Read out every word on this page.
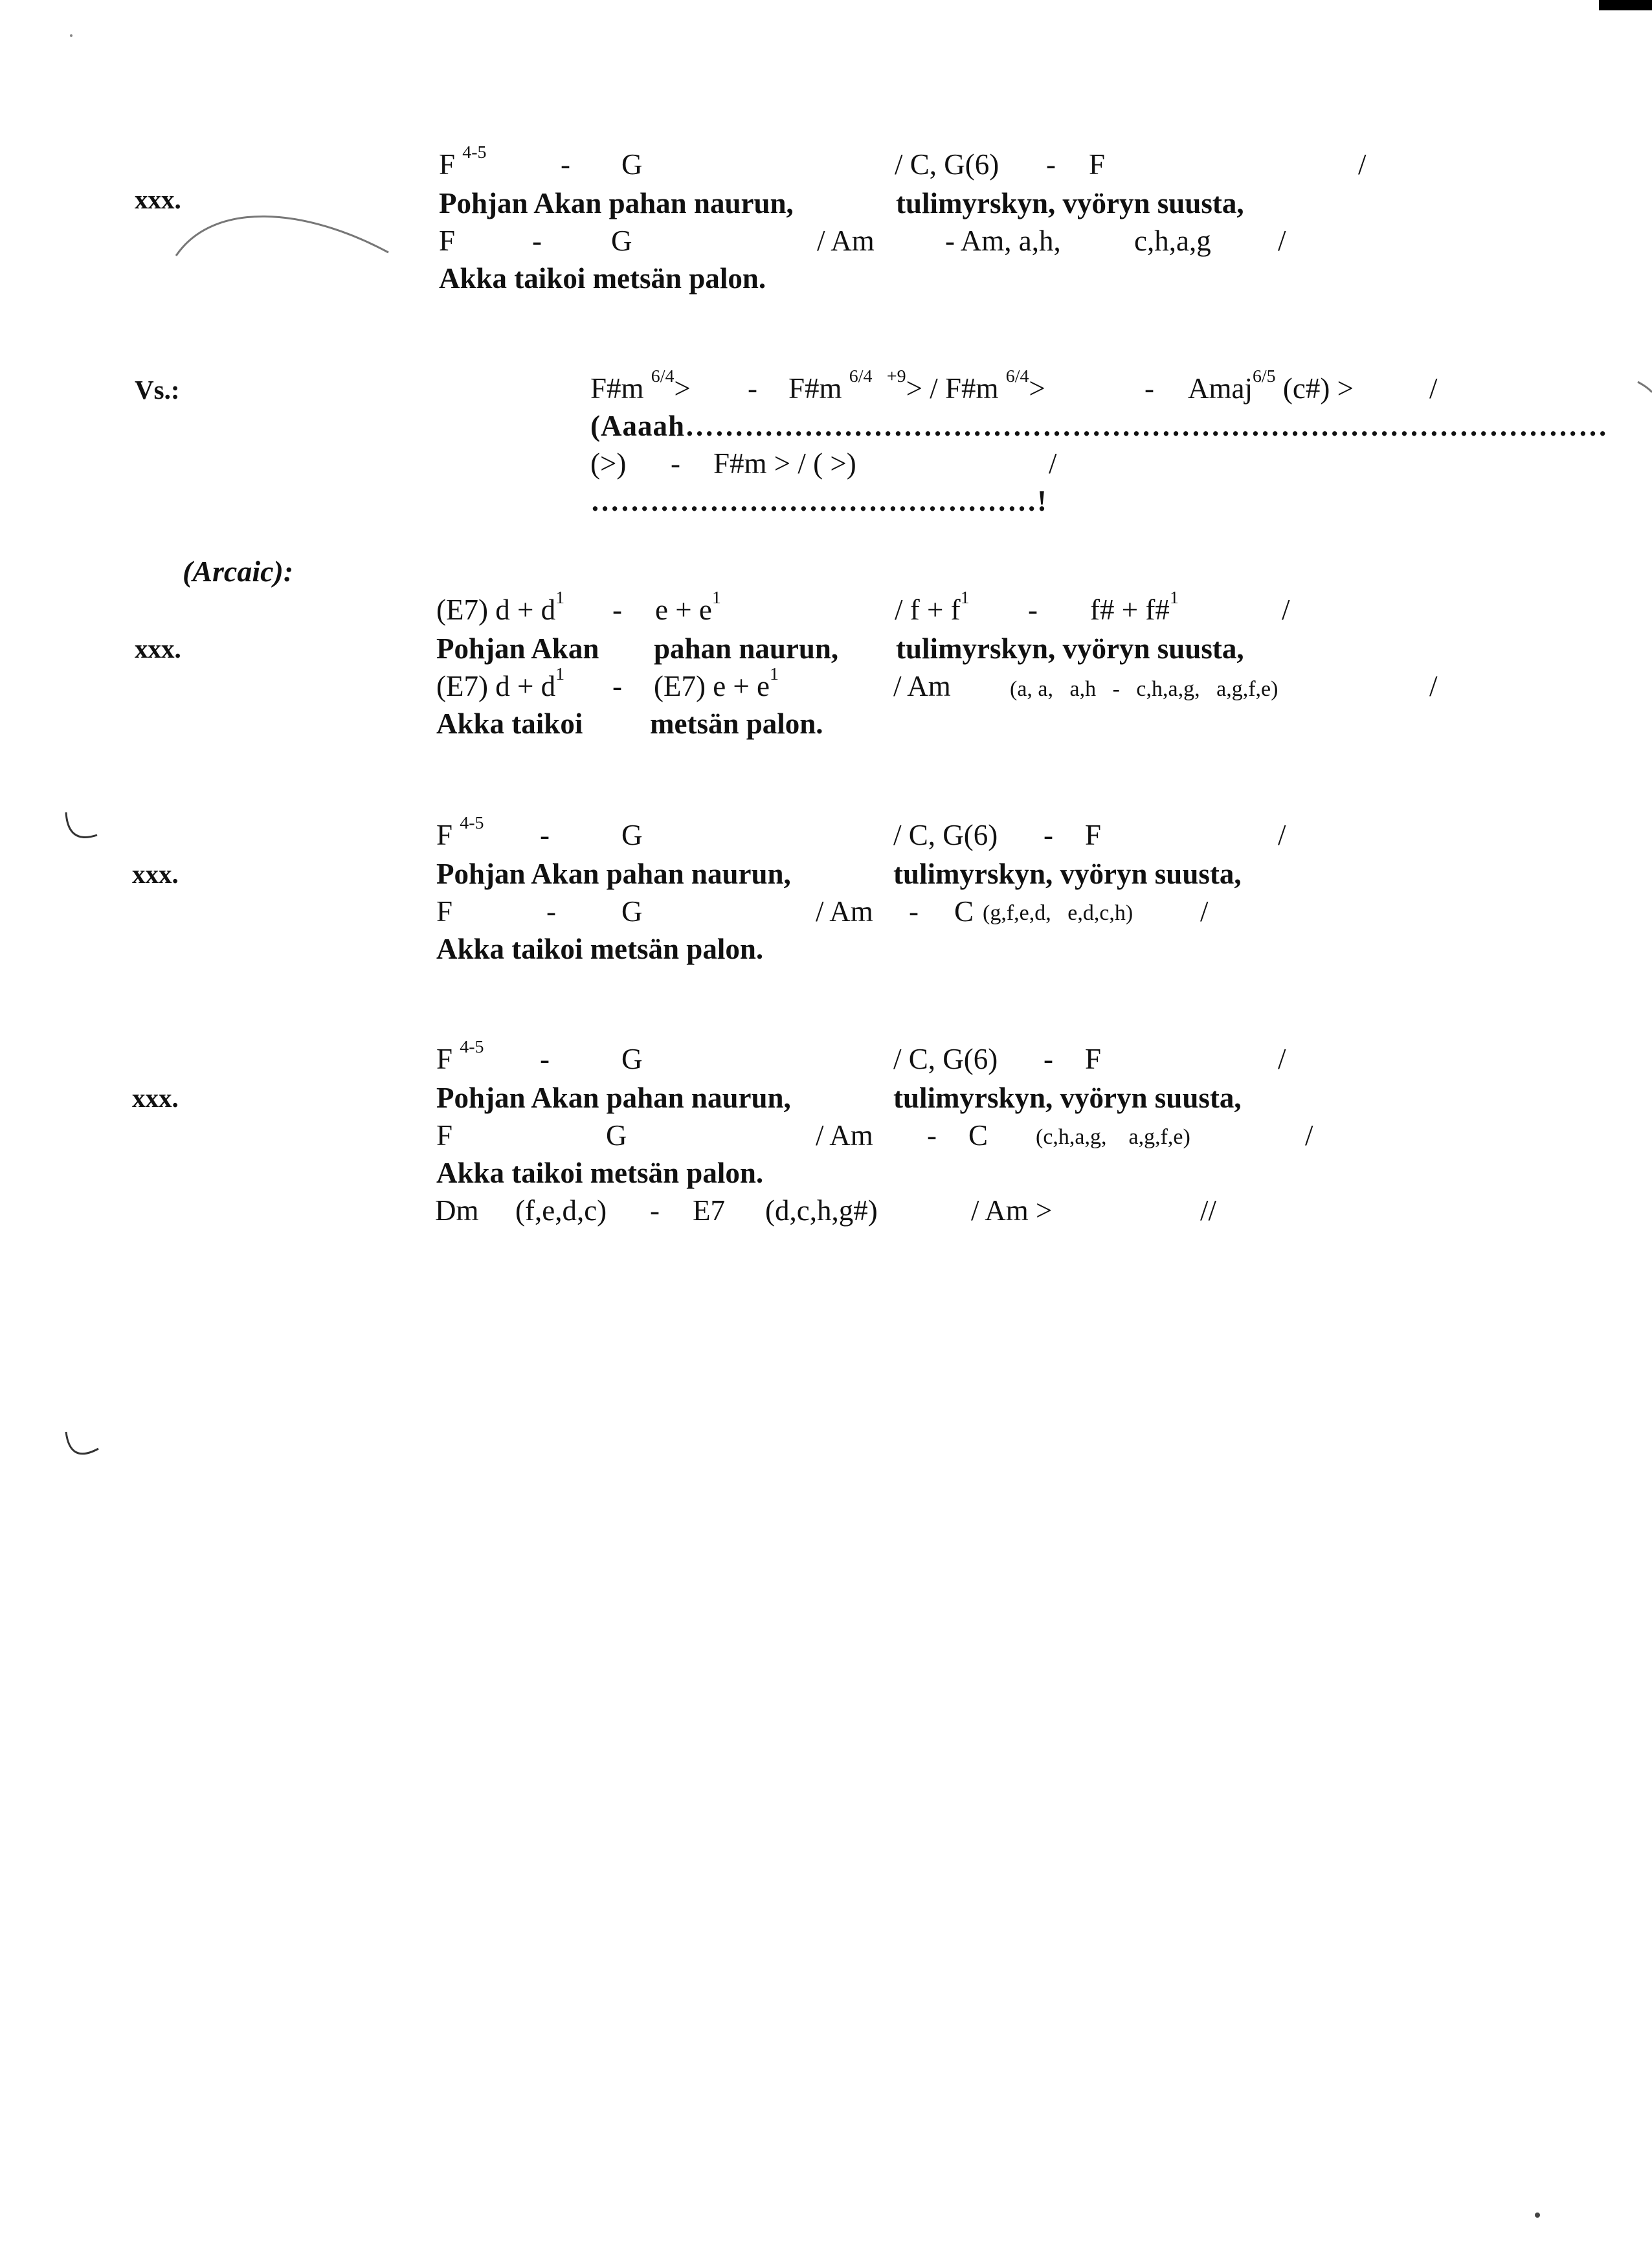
xxx.
F $^{4-5}$	- G	/ C, G(6) - F	/
Pohjan Akan pahan naurun,	tulimyrskyn, vyöryn suusta,
F	- G	/ Am - Am, a,h,	c,h,a,g /
Akka taikoi metsän palon.
Vs.:	F#m $^{6/4}$> - F#m $^{6/4}$ $^{+9}$> / F#m $^{6/4}$>	- Amaj$^{6/5}$ (c#) >	/
(Aaaah…………………………………………………………………………………
(>) - F#m > / ( >)	/
………………………………………!
(Arcaic):
xxx.
(E7) $d + d^1 - e + e^1$	/ $f + f^1$ - f# + f#$^1$	/
Pohjan Akan pahan naurun, tulimyrskyn, vyöryn suusta,
(E7) $d + d^1 - (E7) e + e^1$	/ Am	(a, a,   a,h   -   c,h,a,g,   a,g,f,e)	/
Akka taikoi metsän palon.
xxx.
F $^{4-5}$ - G	/ C, G(6) - F	/
Pohjan Akan pahan naurun,	tulimyrskyn, vyöryn suusta,
F	- G	/ Am - C (g,f,e,d,   e,d,c,h) /
Akka taikoi metsän palon.
xxx.
F $^{4-5}$ - G	/ C, G(6) - F	/
Pohjan Akan pahan naurun,	tulimyrskyn, vyöryn suusta,
F	G	/ Am - C (c,h,a,g,    a,g,f,e)	/
Akka taikoi metsän palon.
Dm (f,e,d,c) - E7 (d,c,h,g#)	/ Am >	//
